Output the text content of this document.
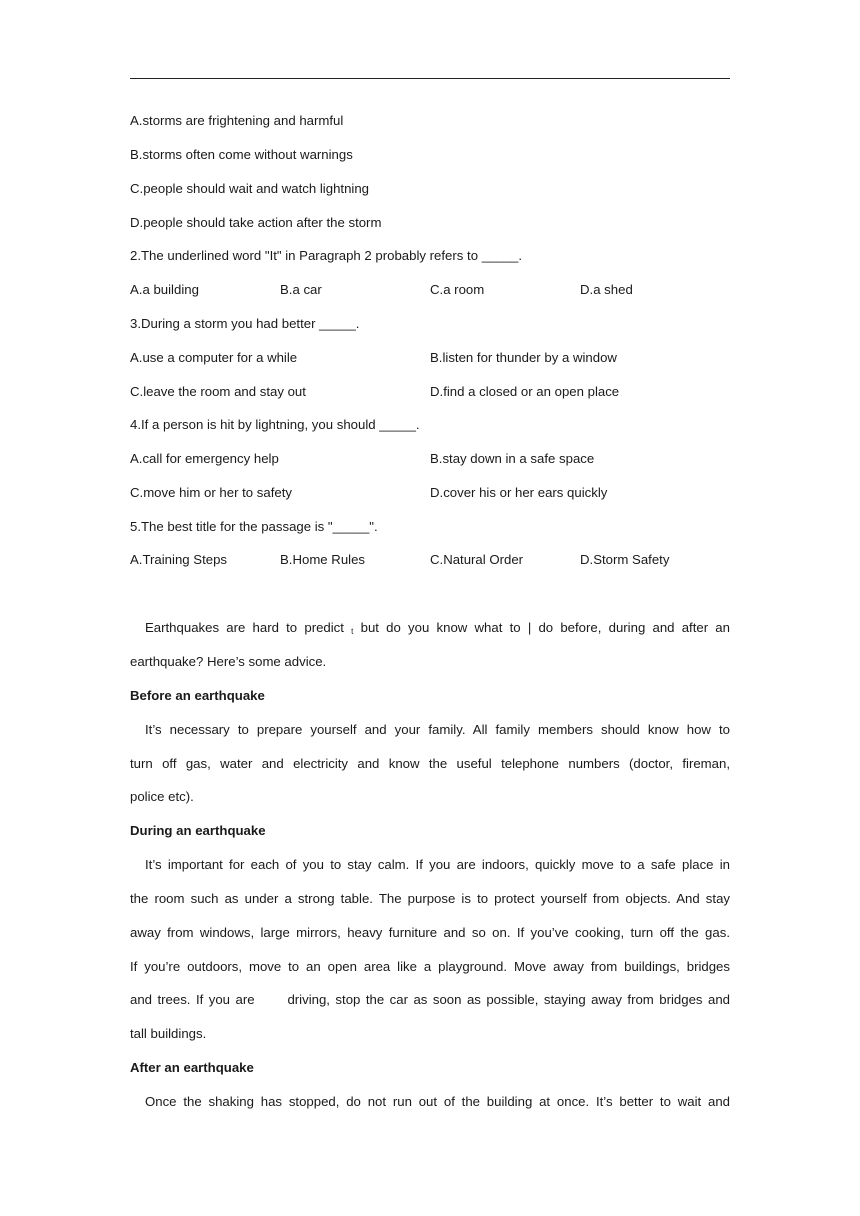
A.storms are frightening and harmful
B.storms often come without warnings
C.people should wait and watch lightning
D.people should take action after the storm
2.The underlined word "It" in Paragraph 2 probably refers to _____.
A.a building	B.a car	C.a room	D.a shed
3.During a storm you had better _____.
A.use a computer for a while	B.listen for thunder by a window
C.leave the room and stay out	D.find a closed or an open place
4.If a person is hit by lightning, you should _____.
A.call for emergency help	B.stay down in a safe space
C.move him or her to safety	D.cover his or her ears quickly
5.The best title for the passage is "_____".
A.Training Steps	B.Home Rules	C.Natural Order	D.Storm Safety
Earthquakes are hard to predict $_t$ but do you know what to | do before, during and after an
earthquake? Here’s some advice.
Before an earthquake
It’s necessary to prepare yourself and your family. All family members should know how to
turn off gas, water and electricity and know the useful telephone numbers (doctor, fireman,
police etc).
During an earthquake
It’s important for each of you to stay calm. If you are indoors, quickly move to a safe place in
the room such as under a strong table. The purpose is to protect yourself from objects. And stay
away from windows, large mirrors, heavy furniture and so on. If you’ve cooking, turn off the gas.
If you’re outdoors, move to an open area like a playground. Move away from buildings, bridges
and trees. If you are      driving, stop the car as soon as possible, staying away from bridges and
tall buildings.
After an earthquake
Once the shaking has stopped, do not run out of the building at once. It’s better to wait and
